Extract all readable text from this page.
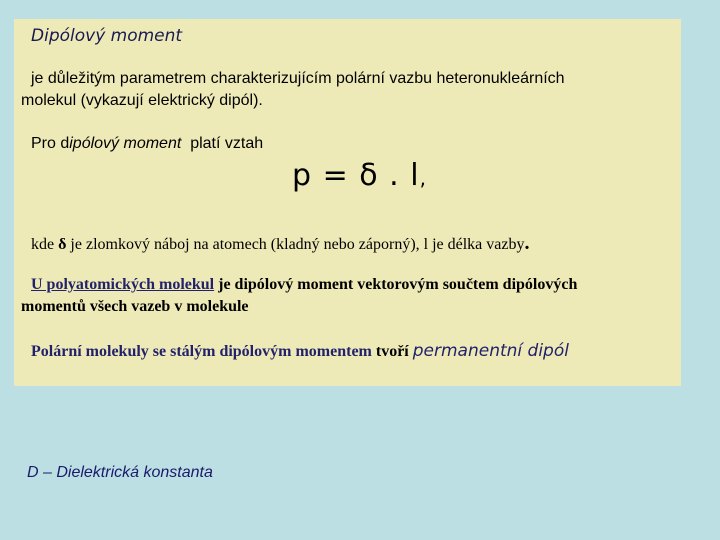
Dipólový moment
je důležitým parametrem charakterizujícím polární vazbu heteronukleárních
molekul (vykazují elektrický dipól).
Pro dipólový moment platí vztah
p = δ . l,
kde δ je zlomkový náboj na atomech (kladný nebo záporný), l je délka vazby.
U polyatomických molekul je dipólový moment vektorovým součtem dipólových
momentů všech vazeb v molekule
Polární molekuly se stálým dipólovým momentem tvoří permanentní dipól
D – Dielektrická konstanta
